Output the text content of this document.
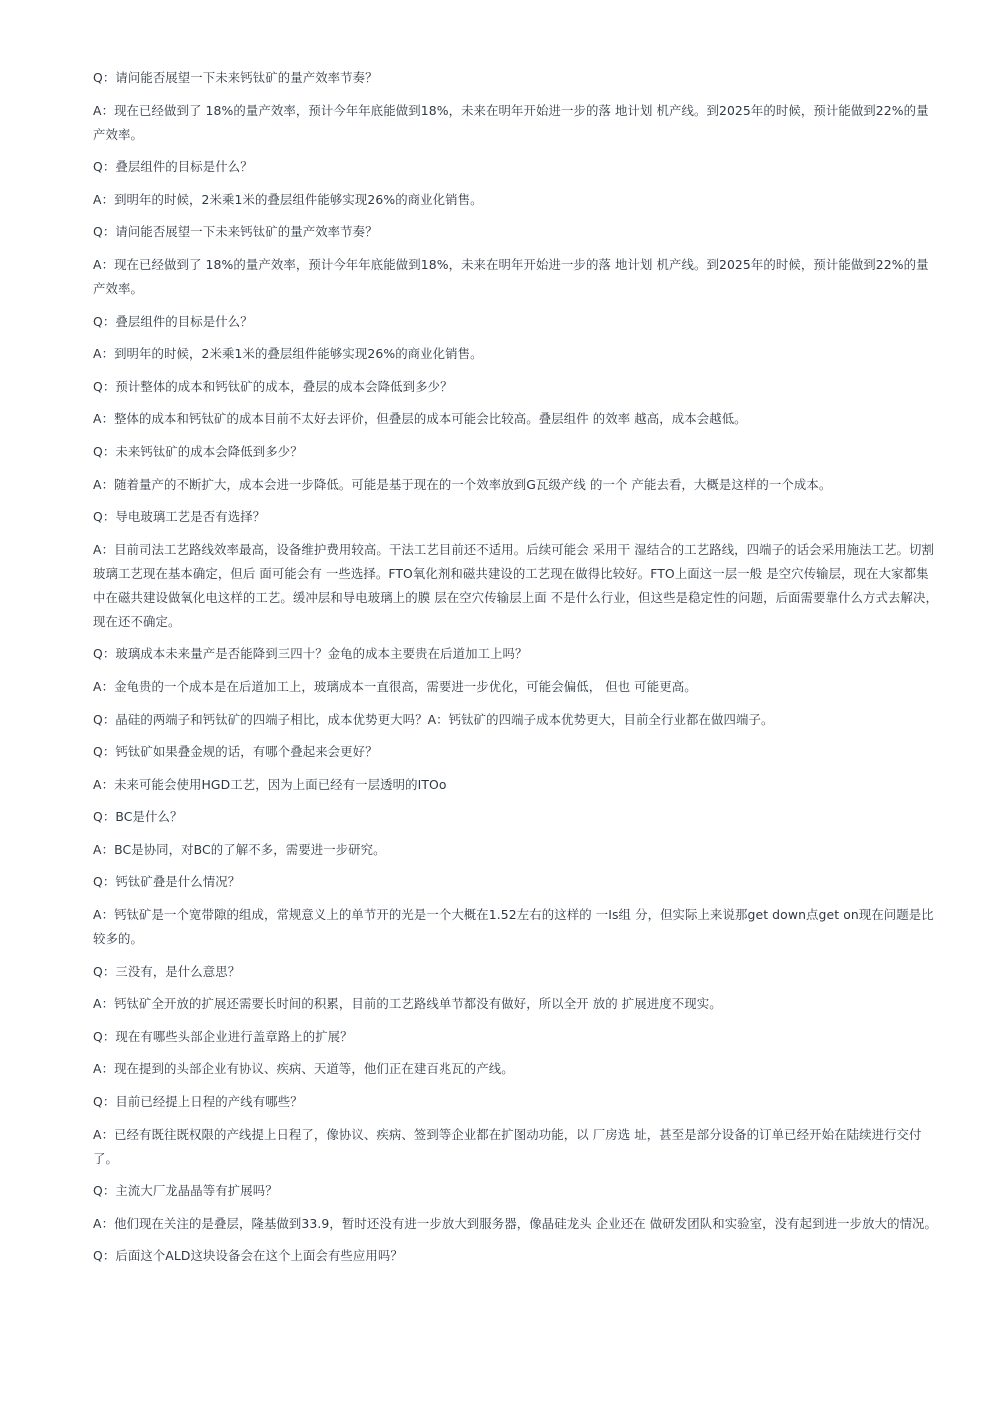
Q：请问能否展望一下未来钙钛矿的量产效率节奏？

A：现在已经做到了 18%的量产效率，预计今年年底能做到18%，未来在明年开始进一步的落 地计划 机产线。到2025年的时候，预计能做到22%的量产效率。

Q：叠层组件的目标是什么？

A：到明年的时候，2米乘1米的叠层组件能够实现26%的商业化销售。

Q：请问能否展望一下未来钙钛矿的量产效率节奏？

A：现在已经做到了 18%的量产效率，预计今年年底能做到18%，未来在明年开始进一步的落 地计划 机产线。到2025年的时候，预计能做到22%的量产效率。

Q：叠层组件的目标是什么？

A：到明年的时候，2米乘1米的叠层组件能够实现26%的商业化销售。

Q：预计整体的成本和钙钛矿的成本，叠层的成本会降低到多少？

A：整体的成本和钙钛矿的成本目前不太好去评价，但叠层的成本可能会比较高。叠层组件 的效率 越高，成本会越低。

Q：未来钙钛矿的成本会降低到多少？

A：随着量产的不断扩大，成本会进一步降低。可能是基于现在的一个效率放到G瓦级产线 的一个 产能去看，大概是这样的一个成本。

Q：导电玻璃工艺是否有选择？

A：目前司法工艺路线效率最高，设备维护费用较高。干法工艺目前还不适用。后续可能会 采用干 湿结合的工艺路线，四端子的话会采用施法工艺。切割玻璃工艺现在基本确定，但后 面可能会有 一些选择。FTO氧化剂和磁共建设的工艺现在做得比较好。FTO上面这一层一般 是空穴传输层，现在大家都集中在磁共建设做氧化电这样的工艺。缓冲层和导电玻璃上的膜 层在空穴传输层上面 不是什么行业，但这些是稳定性的问题，后面需要靠什么方式去解决， 现在还不确定。

Q：玻璃成本未来量产是否能降到三四十？金龟的成本主要贵在后道加工上吗？

A：金龟贵的一个成本是在后道加工上，玻璃成本一直很高，需要进一步优化，可能会偏低， 但也 可能更高。

Q：晶硅的两端子和钙钛矿的四端子相比，成本优势更大吗？A：钙钛矿的四端子成本优势更大，目前全行业都在做四端子。

Q：钙钛矿如果叠金规的话，有哪个叠起来会更好？

A：未来可能会使用HGD工艺，因为上面已经有一层透明的ITOo

Q：BC是什么？

A：BC是协同，对BC的了解不多，需要进一步研究。

Q：钙钛矿叠是什么情况？

A：钙钛矿是一个宽带隙的组成，常规意义上的单节开的光是一个大概在1.52左右的这样的 一Is组 分，但实际上来说那get down点get on现在问题是比较多的。

Q：三没有，是什么意思？

A：钙钛矿全开放的扩展还需要长时间的积累，目前的工艺路线单节都没有做好，所以全开 放的 扩展进度不现实。

Q：现在有哪些头部企业进行盖章路上的扩展？

A：现在提到的头部企业有协议、疾病、天道等，他们正在建百兆瓦的产线。

Q：目前已经提上日程的产线有哪些？

A：已经有既往既权限的产线提上日程了，像协议、疾病、签到等企业都在扩图动功能，以 厂房选 址，甚至是部分设备的订单已经开始在陆续进行交付了。

Q：主流大厂龙晶晶等有扩展吗？

A：他们现在关注的是叠层，隆基做到33.9，暂时还没有进一步放大到服务器，像晶硅龙头 企业还在 做研发团队和实验室，没有起到进一步放大的情况。

Q：后面这个ALD这块设备会在这个上面会有些应用吗？
